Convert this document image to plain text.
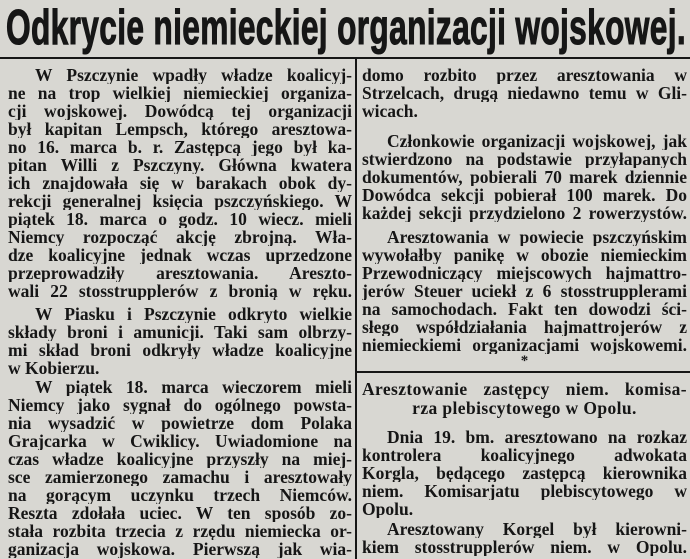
Odkrycie niemieckiej organizacji wojskowej.
W Pszczynie wpadły władze koalicyj-
ne na trop wielkiej niemieckiej organiza-
cji wojskowej. Dowódcą tej organizacji
był kapitan Lempsch, którego aresztowa-
no 16. marca b. r. Zastępcą jego był ka-
pitan Willi z Pszczyny. Główna kwatera
ich znajdowała się w barakach obok dy-
rekcji generalnej księcia pszczyńskiego. W
piątek 18. marca o godz. 10 wiecz. mieli
Niemcy rozpocząć akcję zbrojną. Wła-
dze koalicyjne jednak wczas uprzedzone
przeprowadziły aresztowania. Areszto-
wali 22 stosstrupplerów z bronią w ręku.
W Piasku i Pszczynie odkryto wielkie
składy broni i amunicji. Taki sam olbrzy-
mi skład broni odkryły władze koalicyjne
w Kobierzu.
W piątek 18. marca wieczorem mieli
Niemcy jako sygnał do ogólnego powsta-
nia wysadzić w powietrze dom Polaka
Grajcarka w Cwiklicy. Uwiadomione na
czas władze koalicyjne przyszły na miej-
sce zamierzonego zamachu i aresztowały
na gorącym uczynku trzech Niemców.
Reszta zdołała uciec. W ten sposób zo-
stała rozbita trzecia z rzędu niemiecka or-
ganizacja wojskowa. Pierwszą jak wia-
domo rozbito przez aresztowania w
Strzelcach, drugą niedawno temu w Gli-
wicach.
Członkowie organizacji wojskowej, jak
stwierdzono na podstawie przyłapanych
dokumentów, pobierali 70 marek dziennie
Dowódca sekcji pobierał 100 marek. Do
każdej sekcji przydzielono 2 rowerzystów.
Aresztowania w powiecie pszczyńskim
wywołałby panikę w obozie niemieckim
Przewodniczący miejscowych hajmattro-
jerów Steuer uciekł z 6 stosstrupplerami
na samochodach. Fakt ten dowodzi ści-
słego współdziałania hajmattrojerów z
niemieckiemi organizacjami wojskowemi.
*
Aresztowanie zastępcy niem. komisa-
rza plebiscytowego w Opolu.
Dnia 19. bm. aresztowano na rozkaz
kontrolera koalicyjnego adwokata
Korgla, będącego zastępcą kierownika
niem. Komisarjatu plebiscytowego w
Opolu.
Aresztowany Korgel był kierowni-
kiem stosstrupplerów niem. w Opolu.
